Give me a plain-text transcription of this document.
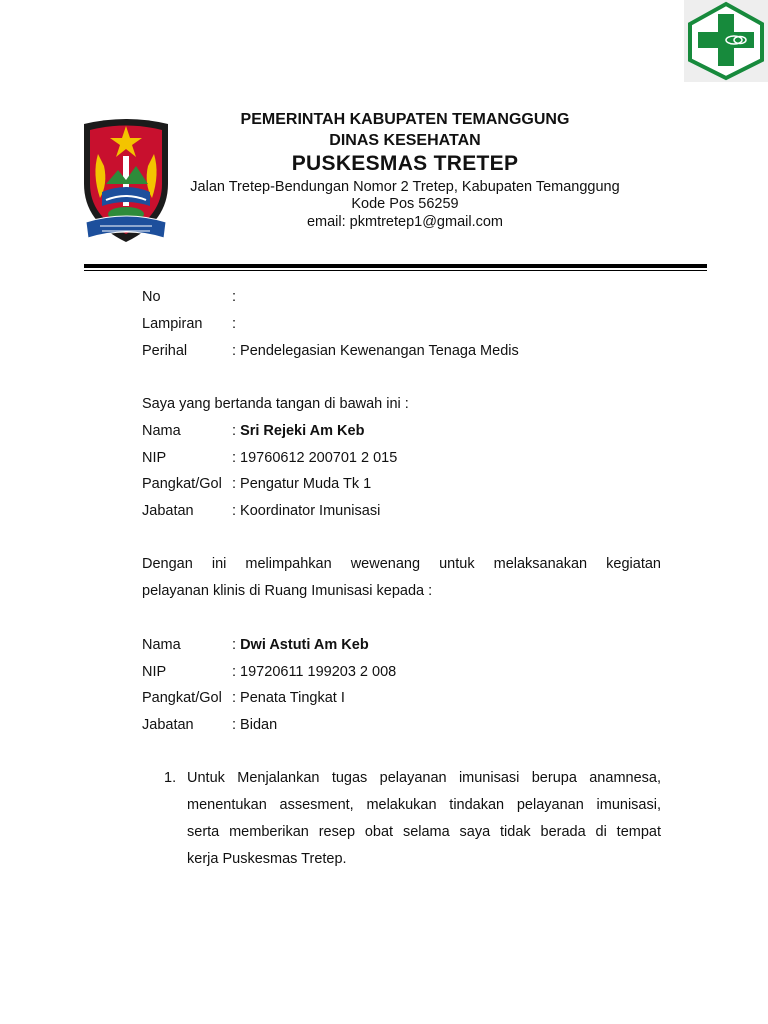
PEMERINTAH KABUPATEN TEMANGGUNG
DINAS KESEHATAN
PUSKESMAS TRETEP
Jalan Tretep-Bendungan Nomor 2 Tretep, Kabupaten Temanggung
Kode Pos 56259
email: pkmtretep1@gmail.com
No	:
Lampiran :
Perihal	: Pendelegasian Kewenangan Tenaga Medis
Saya yang bertanda tangan di bawah ini :
Nama	: Sri Rejeki Am Keb
NIP	: 19760612 200701 2 015
Pangkat/Gol : Pengatur Muda Tk 1
Jabatan	: Koordinator Imunisasi
Dengan ini melimpahkan wewenang untuk melaksanakan kegiatan
pelayanan klinis di Ruang Imunisasi kepada :
Nama	: Dwi Astuti Am Keb
NIP	: 19720611 199203 2 008
Pangkat/Gol : Penata Tingkat I
Jabatan	: Bidan
1. Untuk Menjalankan tugas pelayanan imunisasi berupa anamnesa,
menentukan assesment, melakukan tindakan pelayanan imunisasi,
serta memberikan resep obat selama saya tidak berada di tempat
kerja Puskesmas Tretep.
